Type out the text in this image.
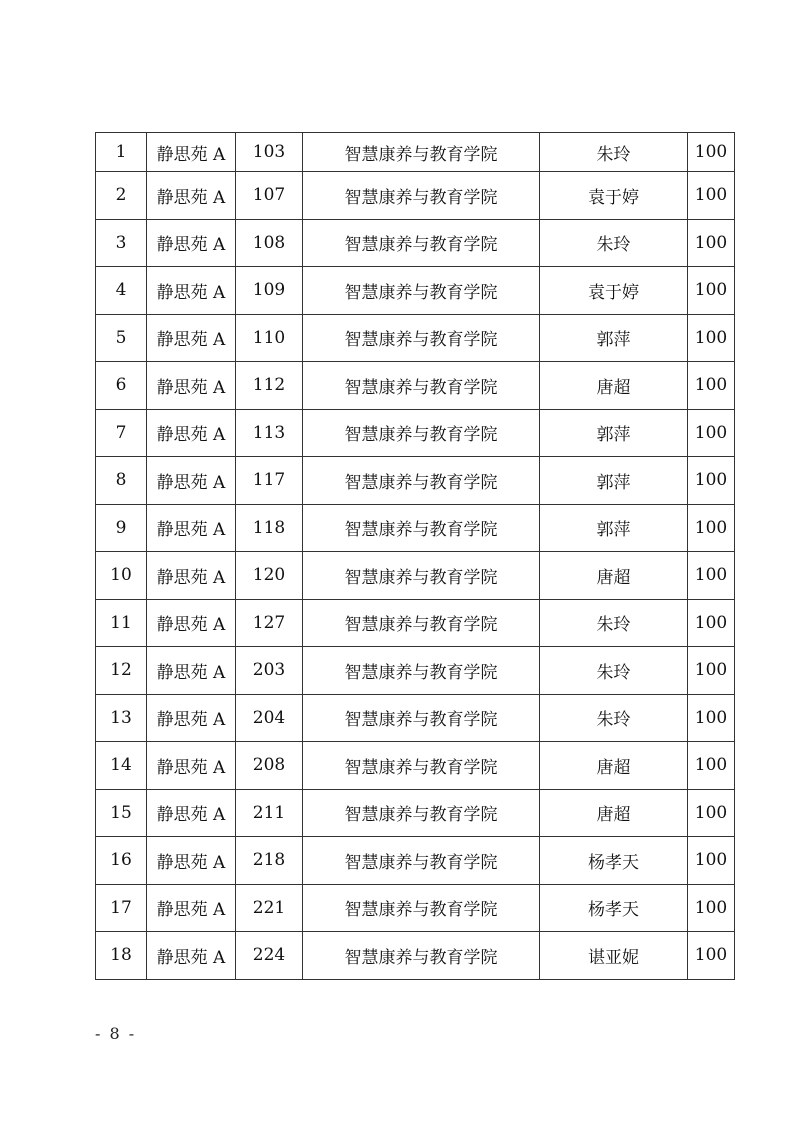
1	静思苑 A	103	智慧康养与教育学院	朱玲	100
2	静思苑 A	107	智慧康养与教育学院	袁于婷	100
3	静思苑 A	108	智慧康养与教育学院	朱玲	100
4	静思苑 A	109	智慧康养与教育学院	袁于婷	100
5	静思苑 A	110	智慧康养与教育学院	郭萍	100
6	静思苑 A	112	智慧康养与教育学院	唐超	100
7	静思苑 A	113	智慧康养与教育学院	郭萍	100
8	静思苑 A	117	智慧康养与教育学院	郭萍	100
9	静思苑 A	118	智慧康养与教育学院	郭萍	100
10	静思苑 A	120	智慧康养与教育学院	唐超	100
11	静思苑 A	127	智慧康养与教育学院	朱玲	100
12	静思苑 A	203	智慧康养与教育学院	朱玲	100
13	静思苑 A	204	智慧康养与教育学院	朱玲	100
14	静思苑 A	208	智慧康养与教育学院	唐超	100
15	静思苑 A	211	智慧康养与教育学院	唐超	100
16	静思苑 A	218	智慧康养与教育学院	杨孝天	100
17	静思苑 A	221	智慧康养与教育学院	杨孝天	100
18	静思苑 A	224	智慧康养与教育学院	谌亚妮	100
- 8 -
